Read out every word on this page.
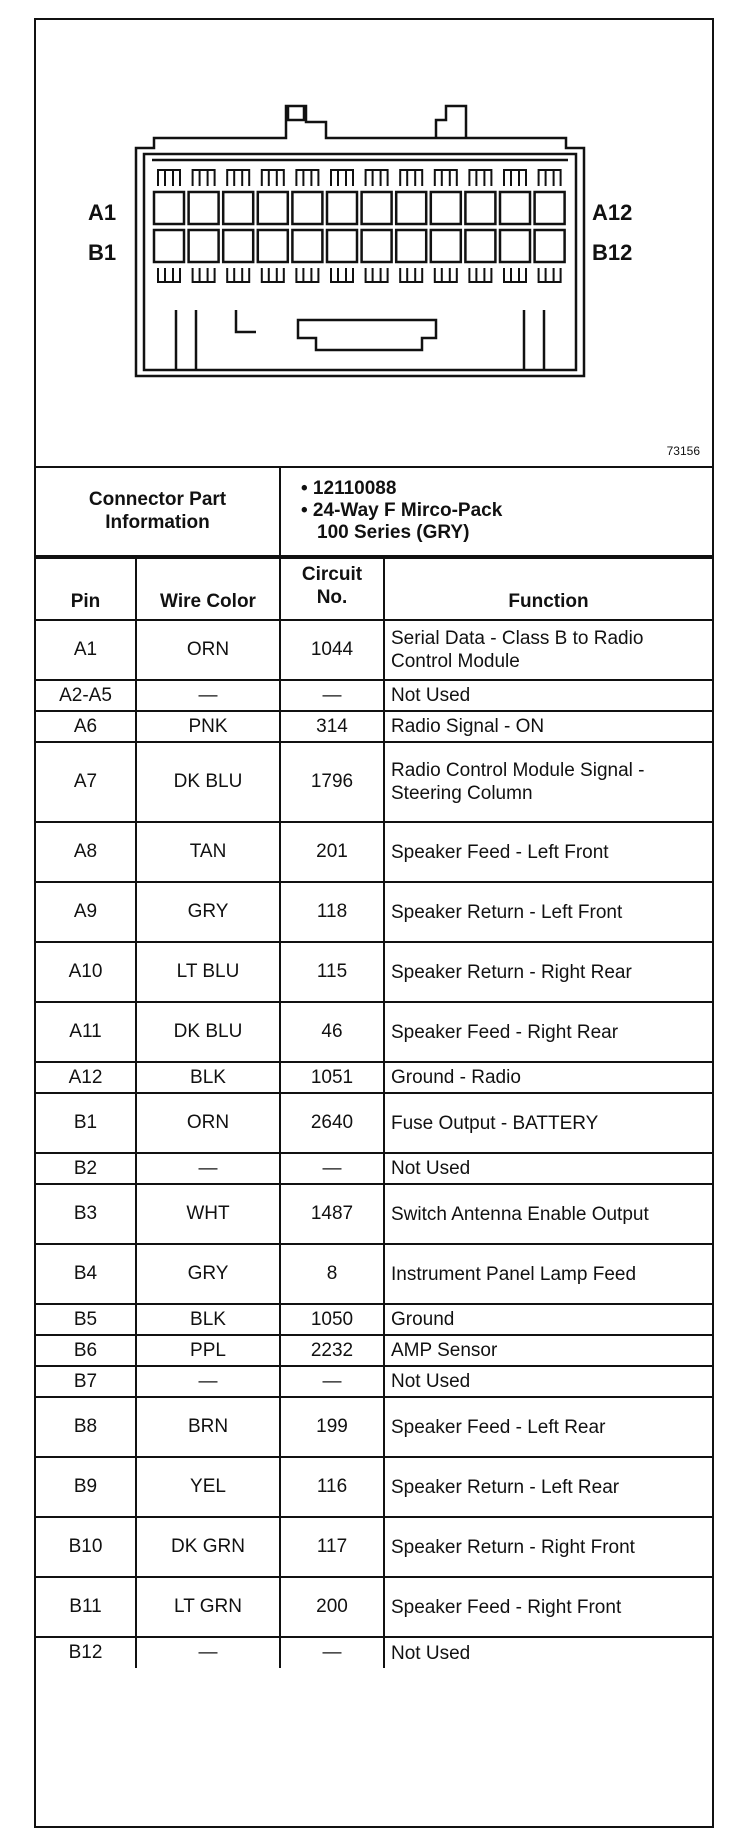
A1
B1
A12
B12
73156
Connector Part Information	
• 12110088
• 24-Way F Mirco-Pack
100 Series (GRY)
Pin	Wire Color	Circuit No.	Function
A1	ORN	1044	Serial Data - Class B to Radio Control Module
A2-A5	—	—	Not Used
A6	PNK	314	Radio Signal - ON
A7	DK BLU	1796	Radio Control Module Signal - Steering Column
A8	TAN	201	Speaker Feed - Left Front
A9	GRY	118	Speaker Return - Left Front
A10	LT BLU	115	Speaker Return - Right Rear
A11	DK BLU	46	Speaker Feed - Right Rear
A12	BLK	1051	Ground - Radio
B1	ORN	2640	Fuse Output - BATTERY
B2	—	—	Not Used
B3	WHT	1487	Switch Antenna Enable Output
B4	GRY	8	Instrument Panel Lamp Feed
B5	BLK	1050	Ground
B6	PPL	2232	AMP Sensor
B7	—	—	Not Used
B8	BRN	199	Speaker Feed - Left Rear
B9	YEL	116	Speaker Return - Left Rear
B10	DK GRN	117	Speaker Return - Right Front
B11	LT GRN	200	Speaker Feed - Right Front
B12	—	—	Not Used
